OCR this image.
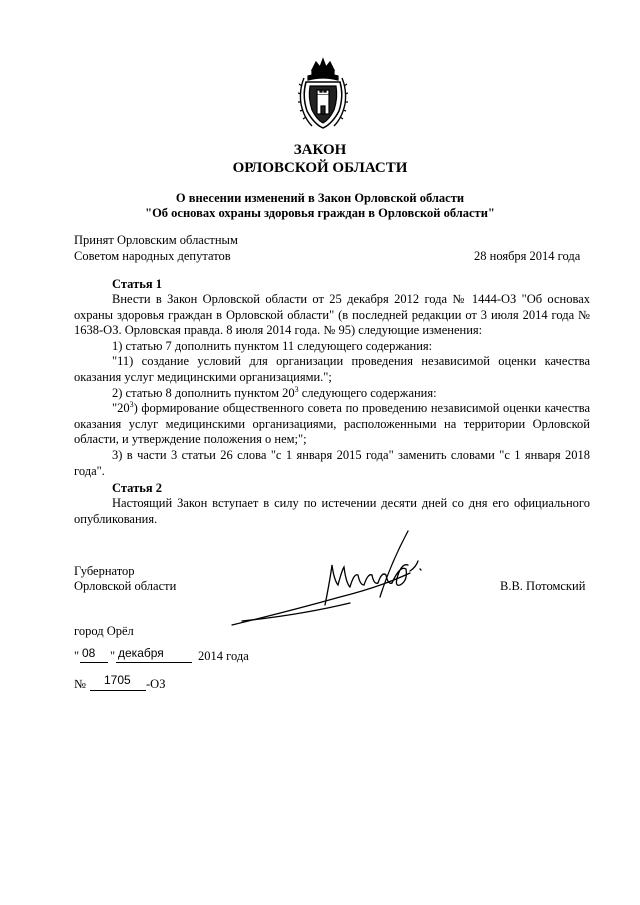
ЗАКОН
ОРЛОВСКОЙ ОБЛАСТИ
О внесении изменений в Закон Орловской области
"Об основах охраны здоровья граждан в Орловской области"
Принят Орловским областным
Советом народных депутатов	28 ноября 2014 года
Статья 1

Внести в Закон Орловской области от 25 декабря 2012 года № 1444-ОЗ "Об основах охраны здоровья граждан в Орловской области" (в последней редакции от 3 июля 2014 года № 1638-ОЗ. Орловская правда. 8 июля 2014 года. № 95) следующие изменения:

1) статью 7 дополнить пунктом 11 следующего содержания:

"11) создание условий для организации проведения независимой оценки качества оказания услуг медицинскими организациями.";

2) статью 8 дополнить пунктом $20^3$ следующего содержания:

"$20^3$) формирование общественного совета по проведению независимой оценки качества оказания услуг медицинскими организациями, расположенными на территории Орловской области, и утверждение положения о нем;";

3) в части 3 статьи 26 слова "с 1 января 2015 года" заменить словами "с 1 января 2018 года".

Статья 2

Настоящий Закон вступает в силу по истечении десяти дней со дня его официального опубликования.

Губернатор
Орловской области	В.В. Потомский
город Орёл
" 08 " декабря	2014 года
№ 1705 -ОЗ
